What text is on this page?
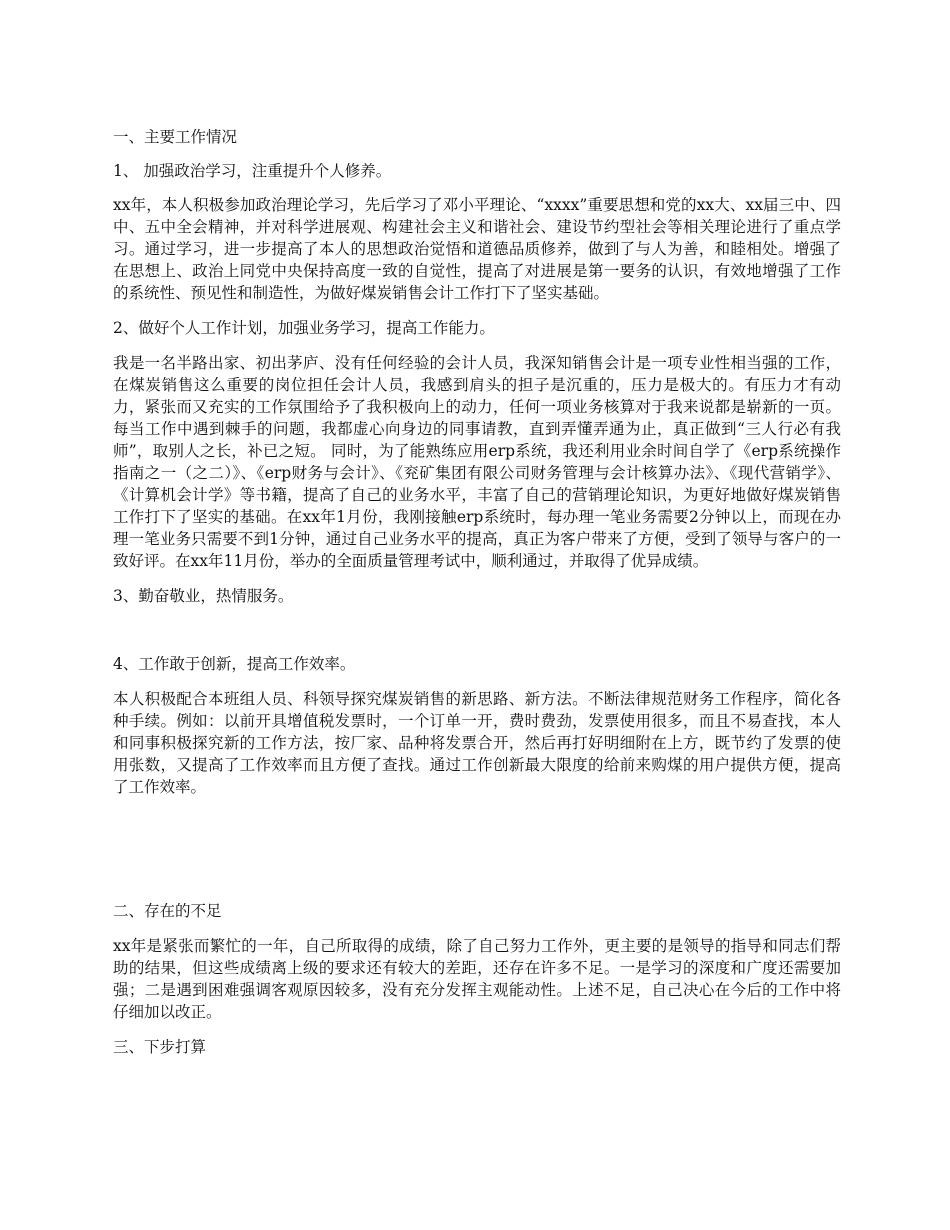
一、主要工作情况

1、 加强政治学习，注重提升个人修养。

xx年，本人积极参加政治理论学习，先后学习了邓小平理论、“xxxx”重要思想和党的xx大、xx届三中、四中、五中全会精神，并对科学进展观、构建社会主义和谐社会、建设节约型社会等相关理论进行了重点学习。通过学习，进一步提高了本人的思想政治觉悟和道德品质修养，做到了与人为善，和睦相处。增强了在思想上、政治上同党中央保持高度一致的自觉性，提高了对进展是第一要务的认识，有效地增强了工作的系统性、预见性和制造性，为做好煤炭销售会计工作打下了坚实基础。

2、做好个人工作计划，加强业务学习，提高工作能力。

我是一名半路出家、初出茅庐、没有任何经验的会计人员，我深知销售会计是一项专业性相当强的工作，在煤炭销售这么重要的岗位担任会计人员，我感到肩头的担子是沉重的，压力是极大的。有压力才有动力，紧张而又充实的工作氛围给予了我积极向上的动力，任何一项业务核算对于我来说都是崭新的一页。每当工作中遇到棘手的问题，我都虚心向身边的同事请教，直到弄懂弄通为止，真正做到“三人行必有我师”，取别人之长，补已之短。 同时，为了能熟练应用erp系统，我还利用业余时间自学了《erp系统操作指南之一（之二）》、《erp财务与会计》、《兖矿集团有限公司财务管理与会计核算办法》、《现代营销学》、《计算机会计学》等书籍，提高了自己的业务水平，丰富了自己的营销理论知识，为更好地做好煤炭销售工作打下了坚实的基础。在xx年1月份，我刚接触erp系统时，每办理一笔业务需要2分钟以上，而现在办理一笔业务只需要不到1分钟，通过自己业务水平的提高，真正为客户带来了方便，受到了领导与客户的一致好评。在xx年11月份，举办的全面质量管理考试中，顺利通过，并取得了优异成绩。

3、勤奋敬业，热情服务。

4、工作敢于创新，提高工作效率。

本人积极配合本班组人员、科领导探究煤炭销售的新思路、新方法。不断法律规范财务工作程序，简化各种手续。例如：以前开具增值税发票时，一个订单一开，费时费劲，发票使用很多，而且不易查找，本人和同事积极探究新的工作方法，按厂家、品种将发票合开，然后再打好明细附在上方，既节约了发票的使用张数，又提高了工作效率而且方便了查找。通过工作创新最大限度的给前来购煤的用户提供方便，提高了工作效率。

二、存在的不足

xx年是紧张而繁忙的一年，自己所取得的成绩，除了自己努力工作外，更主要的是领导的指导和同志们帮助的结果，但这些成绩离上级的要求还有较大的差距，还存在许多不足。一是学习的深度和广度还需要加强；二是遇到困难强调客观原因较多，没有充分发挥主观能动性。上述不足，自己决心在今后的工作中将仔细加以改正。

三、下步打算
